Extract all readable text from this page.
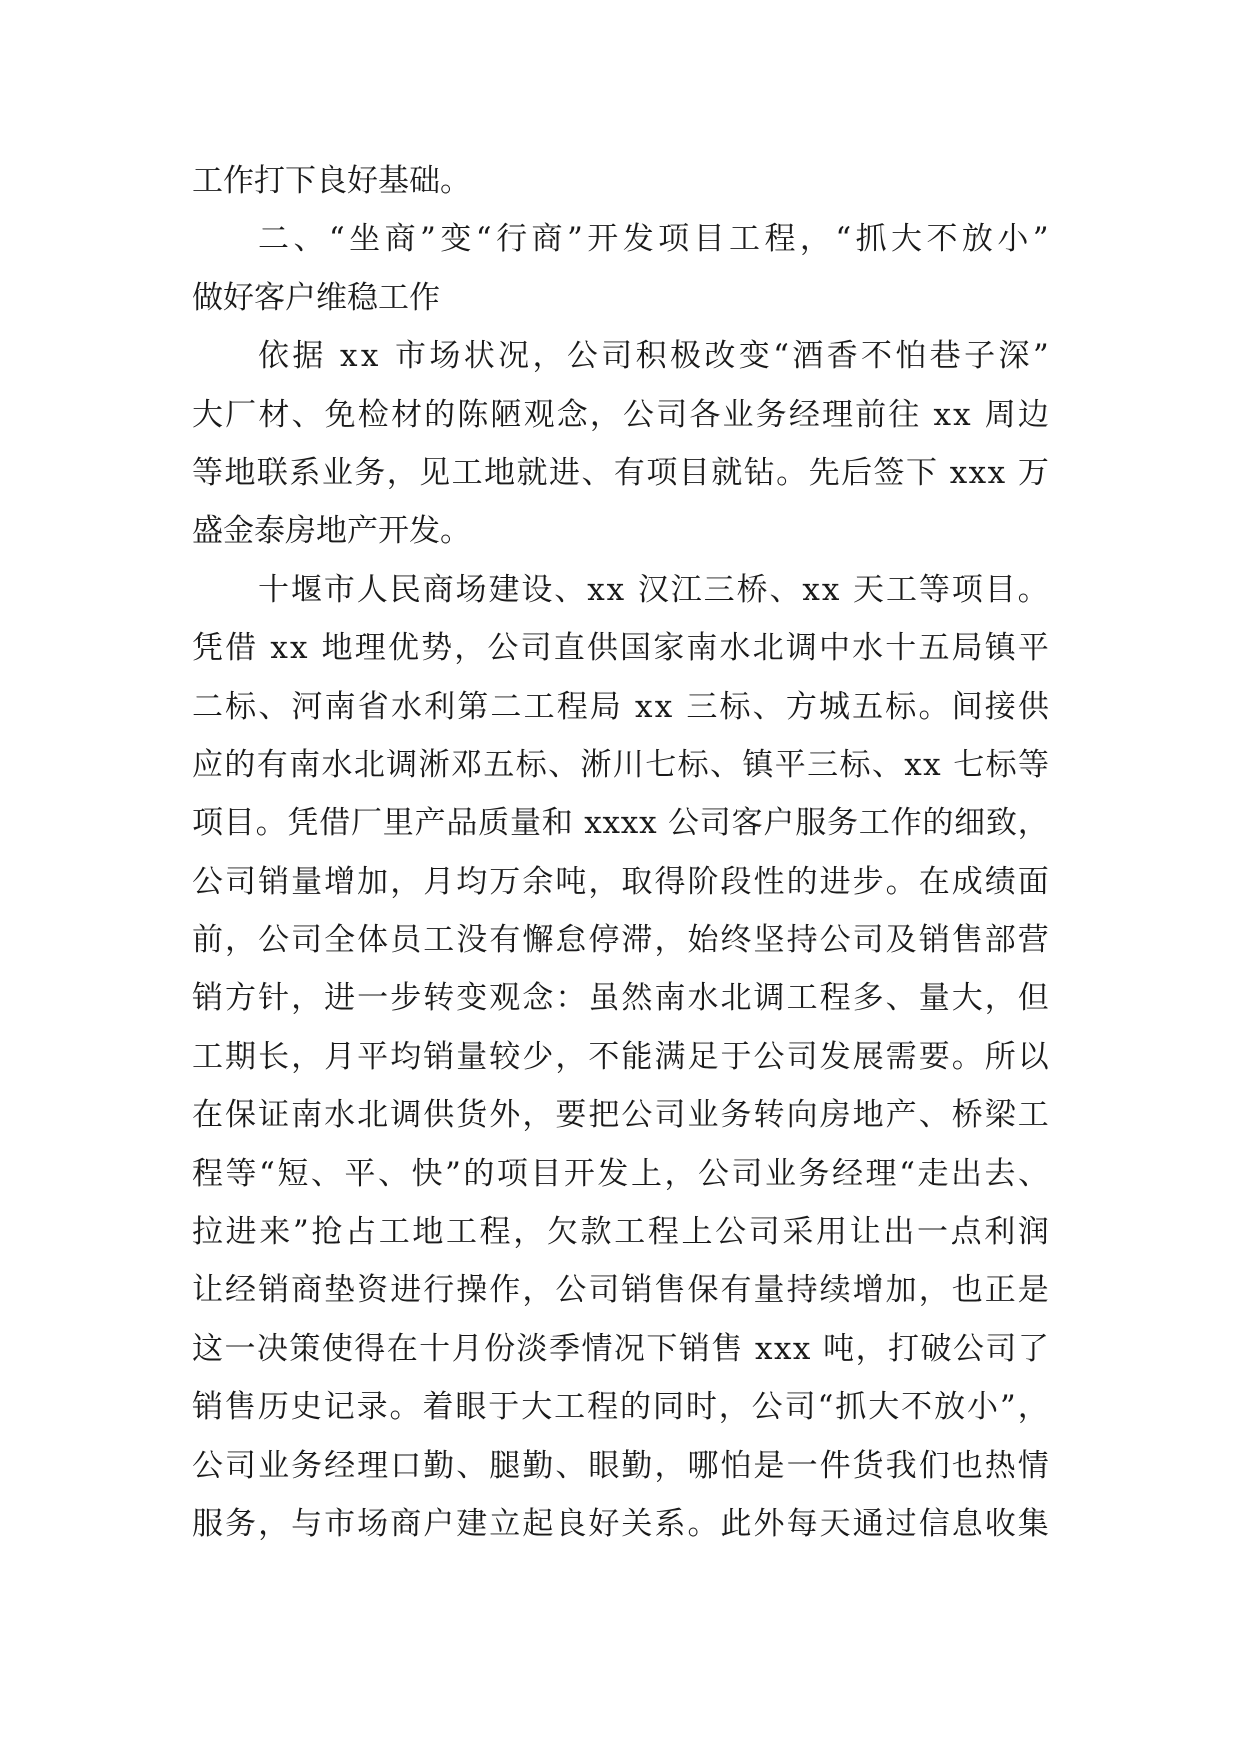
工作打下良好基础。
二 、 “ 坐 商 ” 变 “ 行 商 ” 开 发 项 目 工 程 ， “ 抓 大 不 放 小 ”
做好客户维稳工作
依 据
x x
市 场 状 况 ， 公 司 积 极 改 变 “ 酒 香 不 怕 巷 子 深 ”
大 厂 材 、 免 检 材 的 陈 陋 观 念 ， 公 司 各 业 务 经 理 前 往
x x
周 边
等 地 联 系 业 务 ， 见 工 地 就 进 、 有 项 目 就 钻 。 先 后 签 下
x x x
万
盛金泰房地产开发。
十 堰 市 人 民 商 场 建 设 、 x x
汉 江 三 桥 、 x x
天 工 等 项 目 。
凭 借
x x
地 理 优 势 ， 公 司 直 供 国 家 南 水 北 调 中 水 十 五 局 镇 平
二 标 、 河 南 省 水 利 第 二 工 程 局
x x
三 标 、 方 城 五 标 。 间 接 供
应 的 有 南 水 北 调 淅 邓 五 标 、 淅 川 七 标 、 镇 平 三 标 、 x x
七 标 等
项 目 。 凭 借 厂 里 产 品 质 量 和
x x x x
公 司 客 户 服 务 工 作 的 细 致 ，
公 司 销 量 增 加 ， 月 均 万 余 吨 ， 取 得 阶 段 性 的 进 步 。 在 成 绩 面
前 ， 公 司 全 体 员 工 没 有 懈 怠 停 滞 ， 始 终 坚 持 公 司 及 销 售 部 营
销 方 针 ， 进 一 步 转 变 观 念 ： 虽 然 南 水 北 调 工 程 多 、 量 大 ， 但
工 期 长 ， 月 平 均 销 量 较 少 ， 不 能 满 足 于 公 司 发 展 需 要 。 所 以
在 保 证 南 水 北 调 供 货 外 ， 要 把 公 司 业 务 转 向 房 地 产 、 桥 梁 工
程 等 “ 短 、 平 、 快 ” 的 项 目 开 发 上 ， 公 司 业 务 经 理 “ 走 出 去 、
拉 进 来 ” 抢 占 工 地 工 程 ， 欠 款 工 程 上 公 司 采 用 让 出 一 点 利 润
让 经 销 商 垫 资 进 行 操 作 ， 公 司 销 售 保 有 量 持 续 增 加 ， 也 正 是
这 一 决 策 使 得 在 十 月 份 淡 季 情 况 下 销 售
x x x
吨 ， 打 破 公 司 了
销 售 历 史 记 录 。 着 眼 于 大 工 程 的 同 时 ， 公 司 “ 抓 大 不 放 小 ” ，
公 司 业 务 经 理 口 勤 、 腿 勤 、 眼 勤 ， 哪 怕 是 一 件 货 我 们 也 热 情
服 务 ， 与 市 场 商 户 建 立 起 良 好 关 系 。 此 外 每 天 通 过 信 息 收 集
